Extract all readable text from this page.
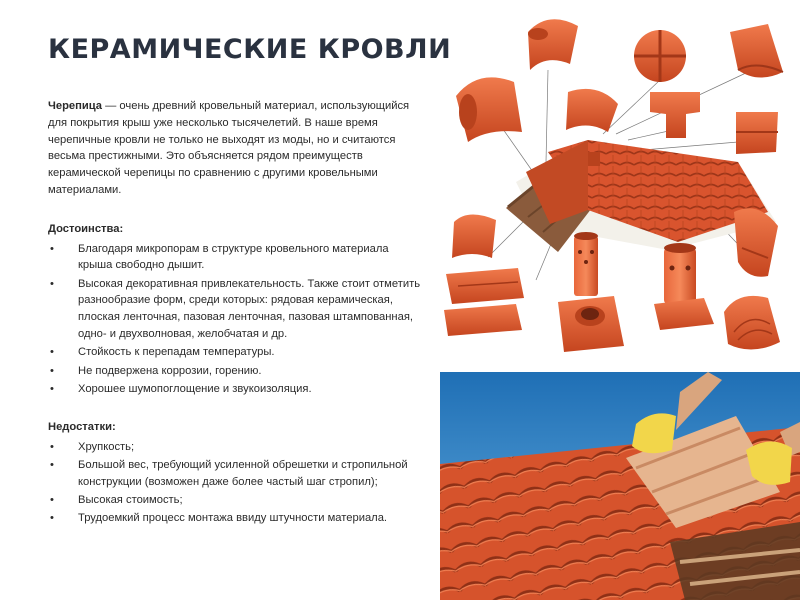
КЕРАМИЧЕСКИЕ КРОВЛИ

Черепица — очень древний кровельный материал, использующийся для покрытия крыш уже несколько тысячелетий. В наше время черепичные кровли не только не выходят из моды, но и считаются весьма престижными. Это объясняется рядом преимуществ керамической черепицы по сравнению с другими кровельными материалами.

Достоинства:
• Благодаря микропорам в структуре кровельного материала крыша свободно дышит.
• Высокая декоративная привлекательность. Также стоит отметить разнообразие форм, среди которых: рядовая керамическая, плоская ленточная, пазовая ленточная, пазовая штампованная, одно- и двухволновая, желобчатая и др.
• Стойкость к перепадам температуры.
• Не подвержена коррозии, горению.
• Хорошее шумопоглощение и звукоизоляция.
Недостатки:
• Хрупкость;
• Большой вес, требующий усиленной обрешетки и стропильной конструкции (возможен даже более частый шаг стропил);
• Высокая стоимость;
• Трудоемкий процесс монтажа ввиду штучности материала.
